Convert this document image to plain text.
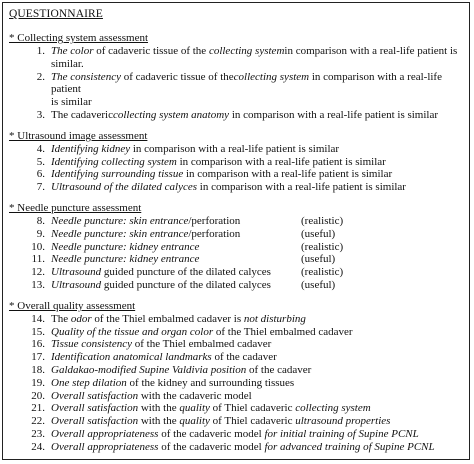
QUESTIONNAIRE
* Collecting system assessment
1. The color of cadaveric tissue of the collecting systemin comparison with a real-life patient is
similar.
2. The consistency of cadaveric tissue of thecollecting system in comparison with a real-life patient
is similar
3. The cadavericcollecting system anatomy in comparison with a real-life patient is similar
* Ultrasound image assessment
4. Identifying kidney in comparison with a real-life patient is similar
5. Identifying collecting system in comparison with a real-life patient is similar
6. Identifying surrounding tissue in comparison with a real-life patient is similar
7. Ultrasound of the dilated calyces in comparison with a real-life patient is similar
* Needle puncture assessment
8. Needle puncture: skin entrance/perforation	(realistic)
9. Needle puncture: skin entrance/perforation	(useful)
10. Needle puncture: kidney entrance	(realistic)
11. Needle puncture: kidney entrance	(useful)
12. Ultrasound guided puncture of the dilated calyces	(realistic)
13. Ultrasound guided puncture of the dilated calyces	(useful)
* Overall quality assessment
14. The odor of the Thiel embalmed cadaver is not disturbing
15. Quality of the tissue and organ color of the Thiel embalmed cadaver
16. Tissue consistency of the Thiel embalmed cadaver
17. Identification anatomical landmarks of the cadaver
18. Galdakao-modified Supine Valdivia position of the cadaver
19. One step dilation of the kidney and surrounding tissues
20. Overall satisfaction with the cadaveric model
21. Overall satisfaction with the quality of Thiel cadaveric collecting system
22. Overall satisfaction with the quality of Thiel cadaveric ultrasound properties
23. Overall appropriateness of the cadaveric model for initial training of Supine PCNL
24. Overall appropriateness of the cadaveric model for advanced training of Supine PCNL
